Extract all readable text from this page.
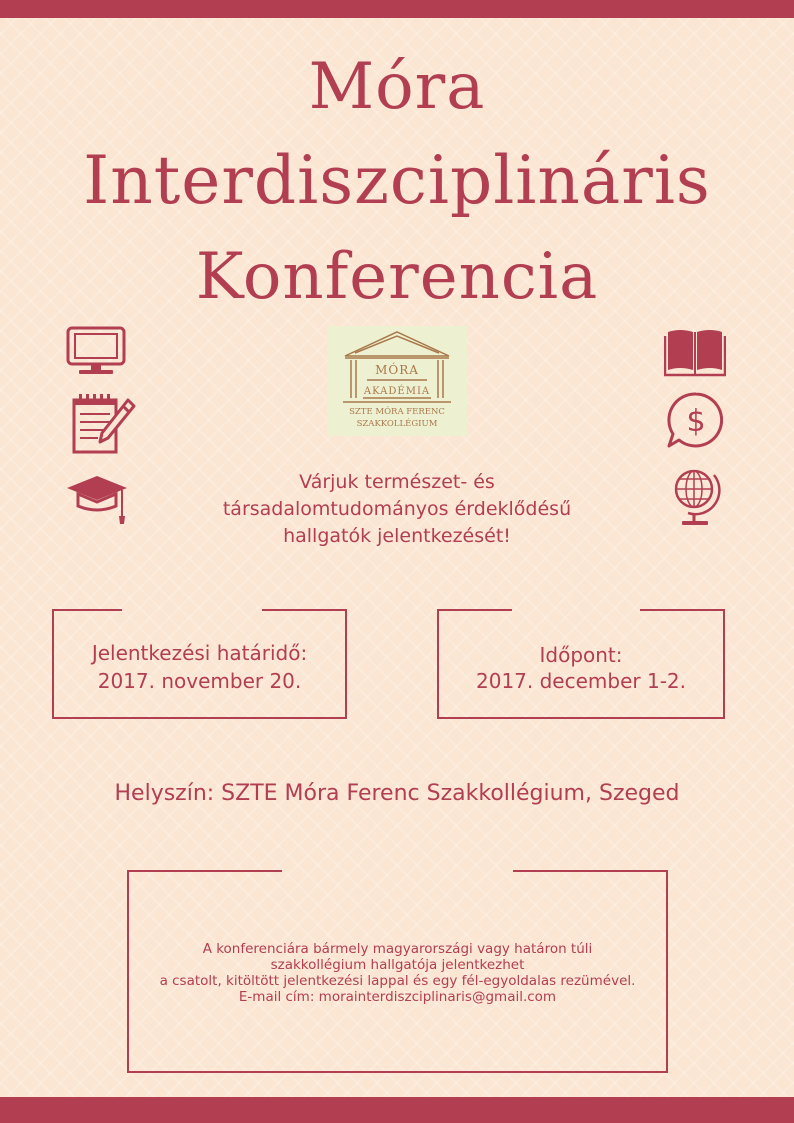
Móra
Interdiszciplináris
Konferencia
MÓRA
AKADÉMIA
SZTE MÓRA FERENC
SZAKKOLLÉGIUM	$
Várjuk természet- és
társadalomtudományos érdeklődésű
hallgatók jelentkezését!
Jelentkezési határidő:
2017. november 20.
Időpont:
2017. december 1-2.
Helyszín: SZTE Móra Ferenc Szakkollégium, Szeged
A konferenciára bármely magyarországi vagy határon túli
szakkollégium hallgatója jelentkezhet
a csatolt, kitöltött jelentkezési lappal és egy fél-egyoldalas rezümével.
E-mail cím: morainterdiszciplinaris@gmail.com
